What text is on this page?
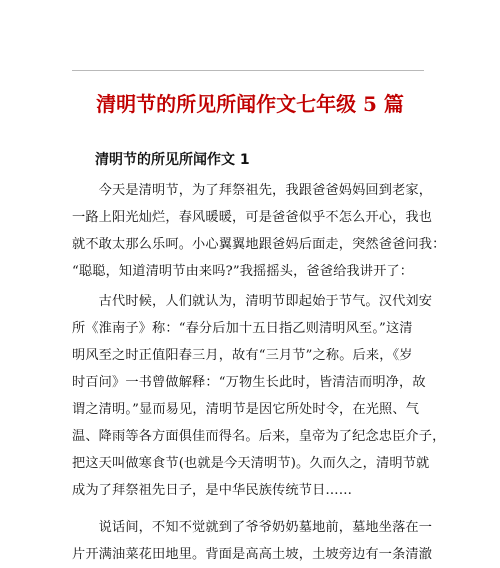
清明节的所见所闻作文七年级 5 篇
清明节的所见所闻作文 1
　　今天是清明节，为了拜祭祖先，我跟爸爸妈妈回到老家，
一路上阳光灿烂，春风暖暖，可是爸爸似乎不怎么开心，我也
就不敢太那么乐呵。小心翼翼地跟爸妈后面走，突然爸爸问我：
“聪聪，知道清明节由来吗?”我摇摇头，爸爸给我讲开了：
　　古代时候，人们就认为，清明节即起始于节气。汉代刘安
所《淮南子》称：“春分后加十五日指乙则清明风至。”这清
明风至之时正值阳春三月，故有“三月节”之称。后来，《岁
时百问》一书曾做解释：“万物生长此时，皆清洁而明净，故
谓之清明。”显而易见，清明节是因它所处时令，在光照、气
温、降雨等各方面俱佳而得名。后来，皇帝为了纪念忠臣介子，
把这天叫做寒食节(也就是今天清明节)。久而久之，清明节就
成为了拜祭祖先日子，是中华民族传统节日……
　　说话间，不知不觉就到了爷爷奶奶墓地前，墓地坐落在一
片开满油菜花田地里。背面是高高土坡，土坡旁边有一条清澈
